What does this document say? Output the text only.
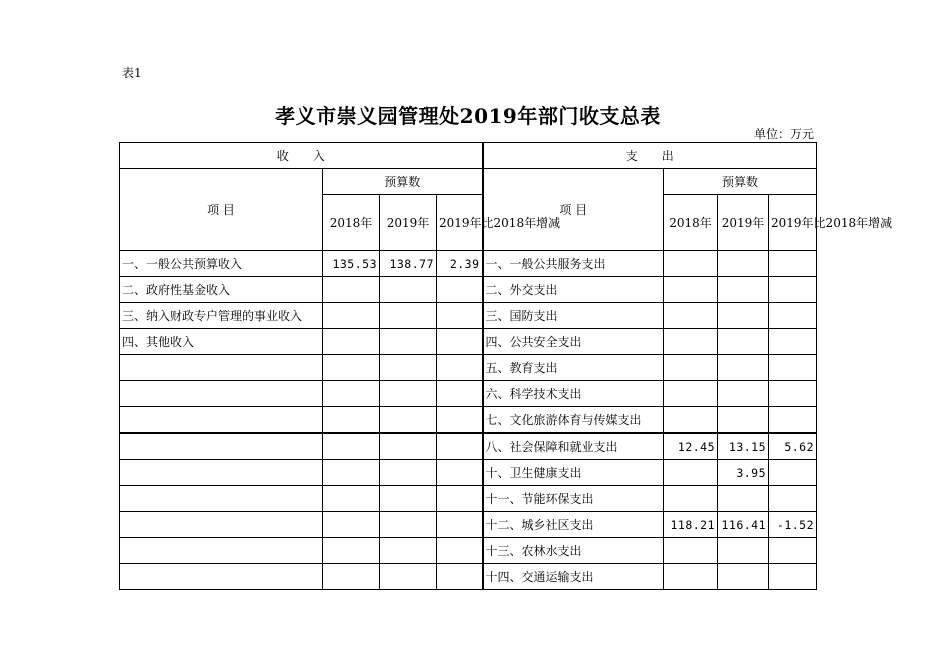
表1
孝义市崇义园管理处2019年部门收支总表
单位：万元
收　　入				支　　出			
项 目	预算数			项 目	预算数		
	2018年	2019年	2019年比2018年增减		2018年	2019年	2019年比2018年增减
一、一般公共预算收入	135.53	138.77	2.39	一、一般公共服务支出			
二、政府性基金收入				二、外交支出			
三、纳入财政专户管理的事业收入				三、国防支出			
四、其他收入				四、公共安全支出			
				五、教育支出			
				六、科学技术支出			
				七、文化旅游体育与传媒支出			
				八、社会保障和就业支出	12.45	13.15	5.62
				十、卫生健康支出		3.95	
				十一、节能环保支出			
				十二、城乡社区支出	118.21	116.41	-1.52
				十三、农林水支出			
				十四、交通运输支出			
